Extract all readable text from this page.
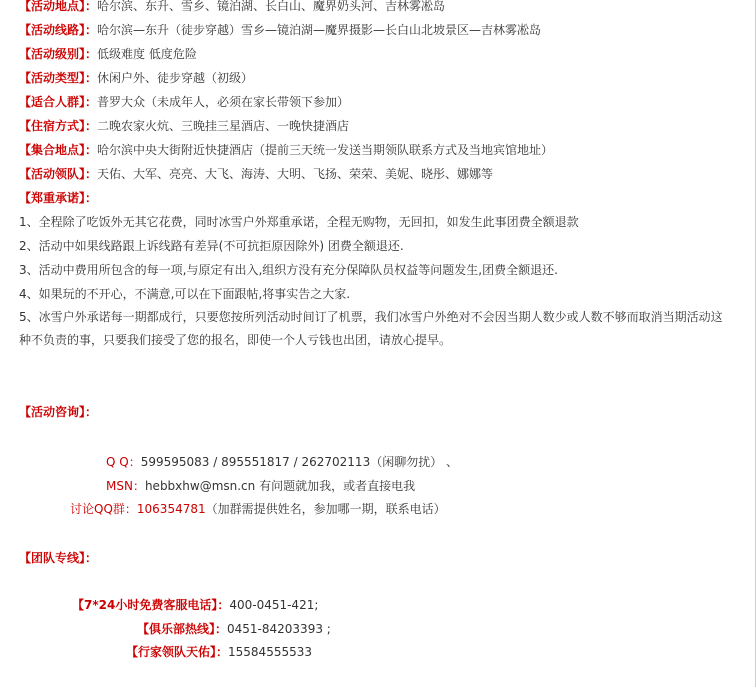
【活动地点】：哈尔滨、东升、雪乡、镜泊湖、长白山、魔界奶头河、吉林雾凇岛
【活动线路】：哈尔滨—东升（徒步穿越）雪乡—镜泊湖—魔界摄影—长白山北坡景区—吉林雾凇岛
【活动级别】：低级难度 低度危险
【活动类型】：休闲户外、徒步穿越（初级）
【适合人群】：普罗大众（未成年人，必须在家长带领下参加）
【住宿方式】：二晚农家火炕、三晚挂三星酒店、一晚快捷酒店
【集合地点】：哈尔滨中央大街附近快捷酒店（提前三天统一发送当期领队联系方式及当地宾馆地址）
【活动领队】：天佑、大军、亮亮、大飞、海涛、大明、飞扬、荣荣、美妮、晓彤、娜娜等
【郑重承诺】：
1、全程除了吃饭外无其它花费，同时冰雪户外郑重承诺，全程无购物，无回扣，如发生此事团费全额退款
2、活动中如果线路跟上诉线路有差异(不可抗拒原因除外) 团费全额退还.
3、活动中费用所包含的每一项,与原定有出入,组织方没有充分保障队员权益等问题发生,团费全额退还.
4、如果玩的不开心，不满意,可以在下面跟帖,将事实告之大家.
5、冰雪户外承诺每一期都成行，只要您按所列活动时间订了机票，我们冰雪户外绝对不会因当期人数少或人数不够而取消当期活动这种不负责的事，只要我们接受了您的报名，即使一个人亏钱也出团，请放心提早。
【活动咨询】：
Q Q：599595083 / 895551817 / 262702113（闲聊勿扰） 、
MSN：hebbxhw@msn.cn 有问题就加我，或者直接电我
讨论QQ群：106354781（加群需提供姓名，参加哪一期，联系电话）
【团队专线】：
【7*24小时免费客服电话】：400-0451-421;
【俱乐部热线】：0451-84203393 ;
【行家领队天佑】：15584555533
